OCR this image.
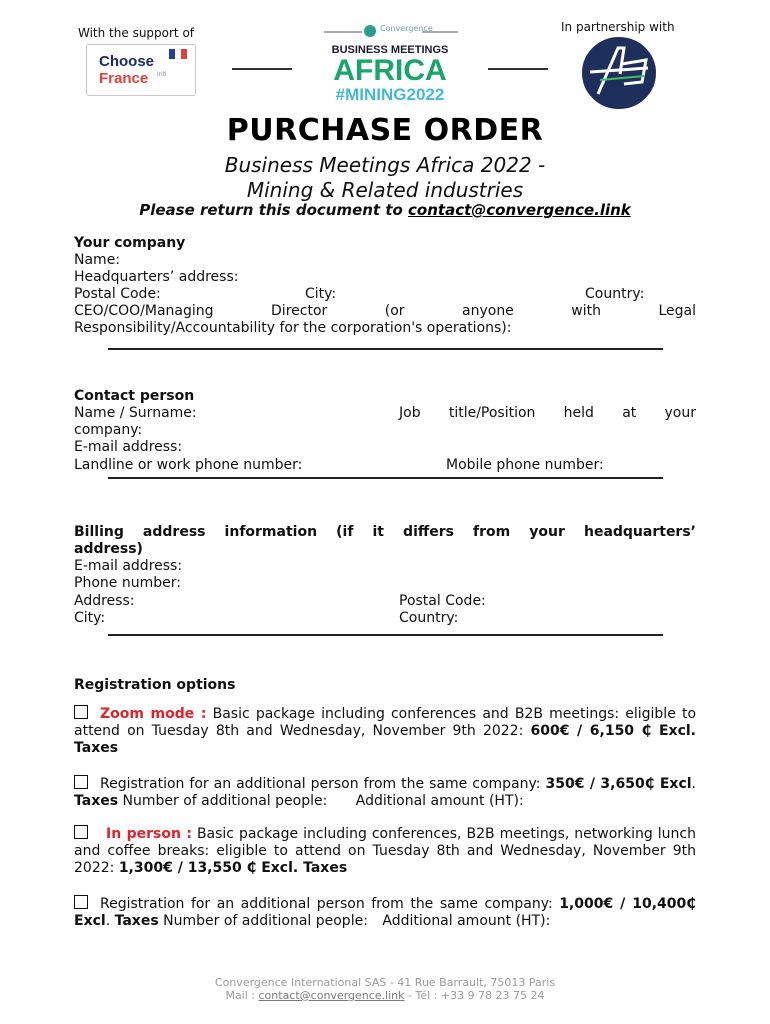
With the support of	In partnership with
Choose
France	Intl
Convergence
BUSINESS MEETINGS
AFRICA
#MINING2022
PURCHASE ORDER
Business Meetings Africa 2022 -
Mining & Related industries
Please return this document to contact@convergence.link
Your company
Name:
Headquarters’ address:
Postal Code:	City:	Country:
CEO/COO/Managing Director (or anyone with Legal
Responsibility/Accountability for the corporation's operations):
Contact person
Name / Surname:	Job title/Position held at your
company:
E-mail address:
Landline or work phone number:	Mobile phone number:
Billing address information (if it differs from your headquarters’
address)
E-mail address:
Phone number:
Address:	Postal Code:
City:	Country:
Registration options
Zoom mode : Basic package including conferences and B2B meetings: eligible to attend on Tuesday 8th and Wednesday, November 9th 2022: 600€ / 6,150 ₵ Excl. Taxes
Registration for an additional person from the same company: 350€ / 3,650₵ Excl. Taxes Number of additional people: Additional amount (HT):
In person : Basic package including conferences, B2B meetings, networking lunch and coffee breaks: eligible to attend on Tuesday 8th and Wednesday, November 9th 2022: 1,300€ / 13,550 ₵ Excl. Taxes
Registration for an additional person from the same company: 1,000€ / 10,400₵ Excl. Taxes Number of additional people: Additional amount (HT):
Convergence International SAS - 41 Rue Barrault, 75013 Paris
Mail : contact@convergence.link - Tél : +33 9 78 23 75 24
